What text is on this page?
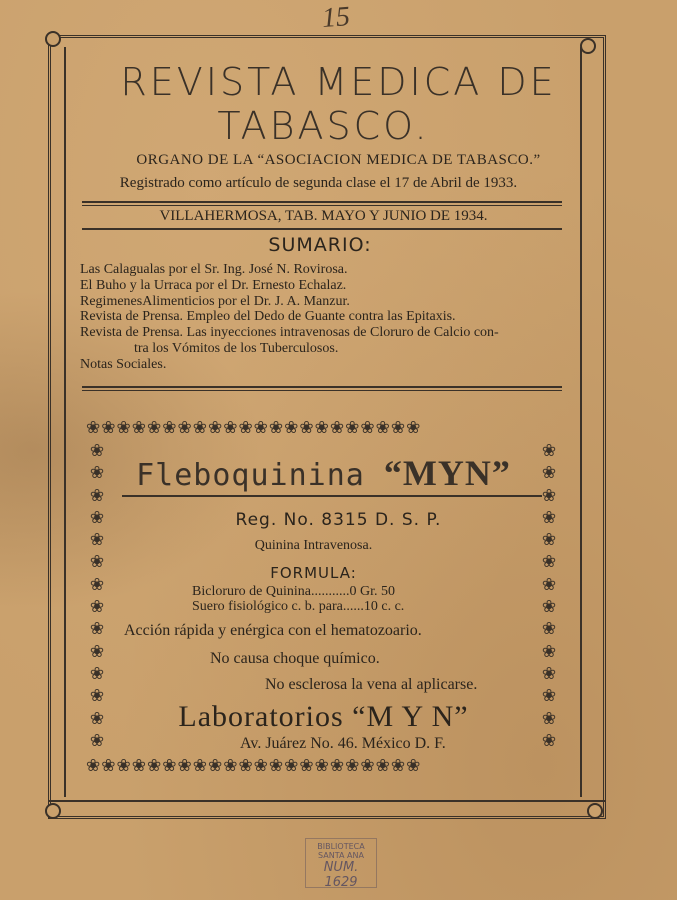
15
REVISTA MEDICA DE
TABASCO.
ORGANO DE LA “ASOCIACION MEDICA DE TABASCO.”
Registrado como artículo de segunda clase el 17 de Abril de 1933.
VILLAHERMOSA, TAB. MAYO Y JUNIO DE 1934.
SUMARIO:
Las Calagualas por el Sr. Ing. José N. Rovirosa.
El Buho y la Urraca por el Dr. Ernesto Echalaz.
RegimenesAlimenticios por el Dr. J. A. Manzur.
Revista de Prensa. Empleo del Dedo de Guante contra las Epitaxis.
Revista de Prensa. Las inyecciones intravenosas de Cloruro de Calcio con-
tra los Vómitos de los Tuberculosos.
Notas Sociales.
❀❀❀❀❀❀❀❀❀❀❀❀❀❀❀❀❀❀❀❀❀❀
❀❀❀❀❀❀❀❀❀❀❀❀❀❀❀❀❀❀❀❀❀❀
❀
❀
❀
❀
❀
❀
❀
❀
❀
❀
❀
❀
❀
❀
❀
❀
❀
❀
❀
❀
❀
❀
❀
❀
❀
❀
❀
❀
Fleboquinina “MYN”
Reg. No. 8315 D. S. P.
Quinina Intravenosa.
FORMULA:
Bicloruro de Quinina...........0 Gr. 50
Suero fisiológico c. b. para......10 c. c.
Acción rápida y enérgica con el hematozoario.
No causa choque químico.
No esclerosa la vena al aplicarse.
Laboratorios “M Y N”
Av. Juárez No. 46. México D. F.
BIBLIOTECA
SANTA ANA
NUM. 1629
